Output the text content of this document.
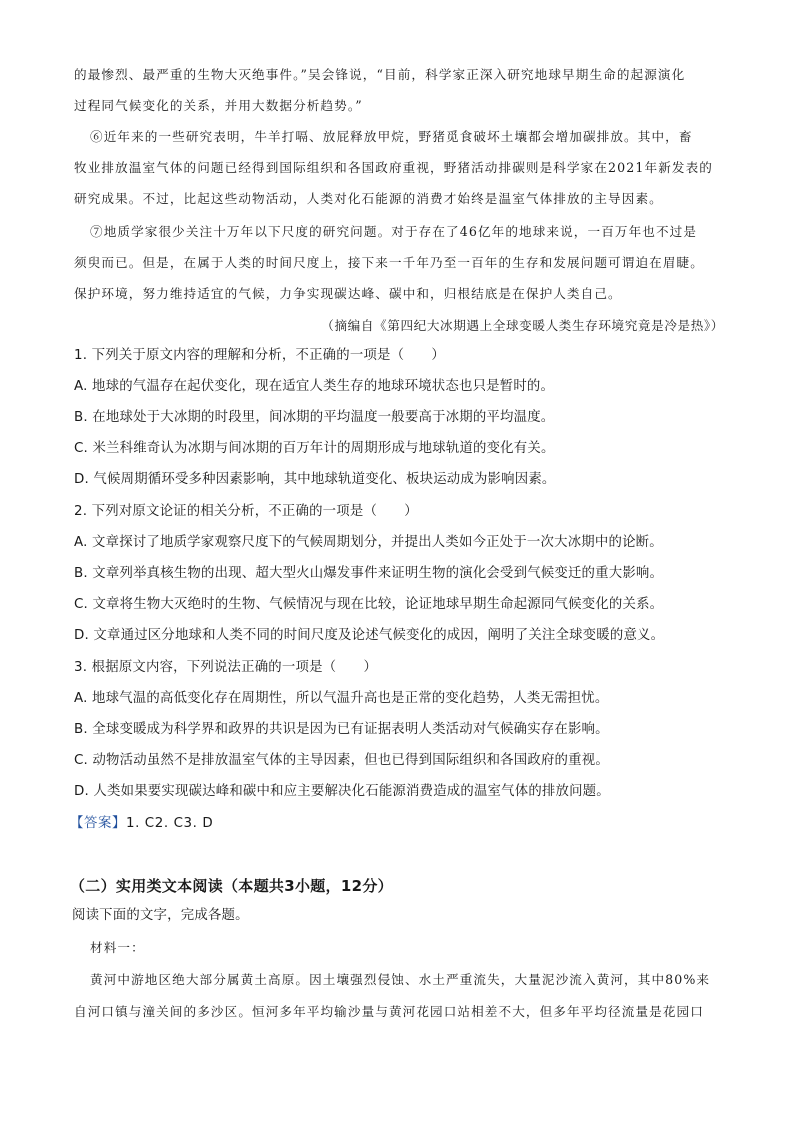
的最惨烈、最严重的生物大灭绝事件。”吴会锋说，“目前，科学家正深入研究地球早期生命的起源演化
过程同气候变化的关系，并用大数据分析趋势。”
⑥近年来的一些研究表明，牛羊打嗝、放屁释放甲烷，野猪觅食破坏土壤都会增加碳排放。其中，畜
牧业排放温室气体的问题已经得到国际组织和各国政府重视，野猪活动排碳则是科学家在2021年新发表的
研究成果。不过，比起这些动物活动，人类对化石能源的消费才始终是温室气体排放的主导因素。
⑦地质学家很少关注十万年以下尺度的研究问题。对于存在了46亿年的地球来说，一百万年也不过是
须臾而已。但是，在属于人类的时间尺度上，接下来一千年乃至一百年的生存和发展问题可谓迫在眉睫。
保护环境，努力维持适宜的气候，力争实现碳达峰、碳中和，归根结底是在保护人类自己。
（摘编自《第四纪大冰期遇上全球变暖人类生存环境究竟是冷是热》）
1. 下列关于原文内容的理解和分析，不正确的一项是（　　）
A. 地球的气温存在起伏变化，现在适宜人类生存的地球环境状态也只是暂时的。
B. 在地球处于大冰期的时段里，间冰期的平均温度一般要高于冰期的平均温度。
C. 米兰科维奇认为冰期与间冰期的百万年计的周期形成与地球轨道的变化有关。
D. 气候周期循环受多种因素影响，其中地球轨道变化、板块运动成为影响因素。
2. 下列对原文论证的相关分析，不正确的一项是（　　）
A. 文章探讨了地质学家观察尺度下的气候周期划分，并提出人类如今正处于一次大冰期中的论断。
B. 文章列举真核生物的出现、超大型火山爆发事件来证明生物的演化会受到气候变迁的重大影响。
C. 文章将生物大灭绝时的生物、气候情况与现在比较，论证地球早期生命起源同气候变化的关系。
D. 文章通过区分地球和人类不同的时间尺度及论述气候变化的成因，阐明了关注全球变暖的意义。
3. 根据原文内容，下列说法正确的一项是（　　）
A. 地球气温的高低变化存在周期性，所以气温升高也是正常的变化趋势，人类无需担忧。
B. 全球变暖成为科学界和政界的共识是因为已有证据表明人类活动对气候确实存在影响。
C. 动物活动虽然不是排放温室气体的主导因素，但也已得到国际组织和各国政府的重视。
D. 人类如果要实现碳达峰和碳中和应主要解决化石能源消费造成的温室气体的排放问题。
【答案】1. C2. C3. D
（二）实用类文本阅读（本题共3小题，12分）
阅读下面的文字，完成各题。
材料一：
黄河中游地区绝大部分属黄土高原。因土壤强烈侵蚀、水土严重流失，大量泥沙流入黄河，其中80%来
自河口镇与潼关间的多沙区。恒河多年平均输沙量与黄河花园口站相差不大，但多年平均径流量是花园口
